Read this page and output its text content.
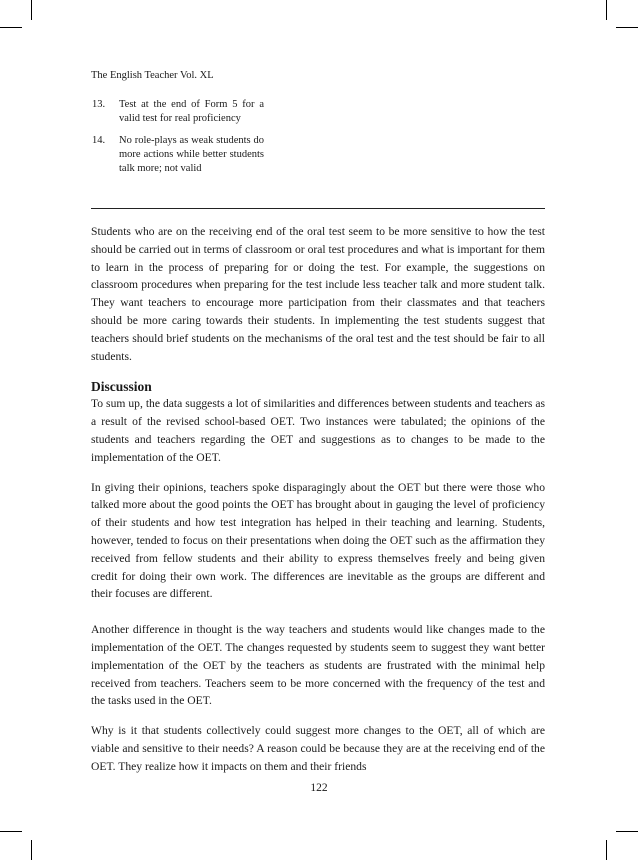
The English Teacher Vol. XL
13.	Test at the end of Form 5 for a valid test for real proficiency
14.	No role-plays as weak students do more actions while better students talk more; not valid

Students who are on the receiving end of the oral test seem to be more sensitive to how the test should be carried out in terms of classroom or oral test procedures and what is important for them to learn in the process of preparing for or doing the test. For example, the suggestions on classroom procedures when preparing for the test include less teacher talk and more student talk. They want teachers to encourage more participation from their classmates and that teachers should be more caring towards their students. In implementing the test students suggest that teachers should brief students on the mechanisms of the oral test and the test should be fair to all students.

Discussion

To sum up, the data suggests a lot of similarities and differences between students and teachers as a result of the revised school-based OET. Two instances were tabulated; the opinions of the students and teachers regarding the OET and suggestions as to changes to be made to the implementation of the OET.

In giving their opinions, teachers spoke disparagingly about the OET but there were those who talked more about the good points the OET has brought about in gauging the level of proficiency of their students and how test integration has helped in their teaching and learning. Students, however, tended to focus on their presentations when doing the OET such as the affirmation they received from fellow students and their ability to express themselves freely and being given credit for doing their own work. The differences are inevitable as the groups are different and their focuses are different.

Another difference in thought is the way teachers and students would like changes made to the implementation of the OET. The changes requested by students seem to suggest they want better implementation of the OET by the teachers as students are frustrated with the minimal help received from teachers. Teachers seem to be more concerned with the frequency of the test and the tasks used in the OET.

Why is it that students collectively could suggest more changes to the OET, all of which are viable and sensitive to their needs? A reason could be because they are at the receiving end of the OET. They realize how it impacts on them and their friends

122
